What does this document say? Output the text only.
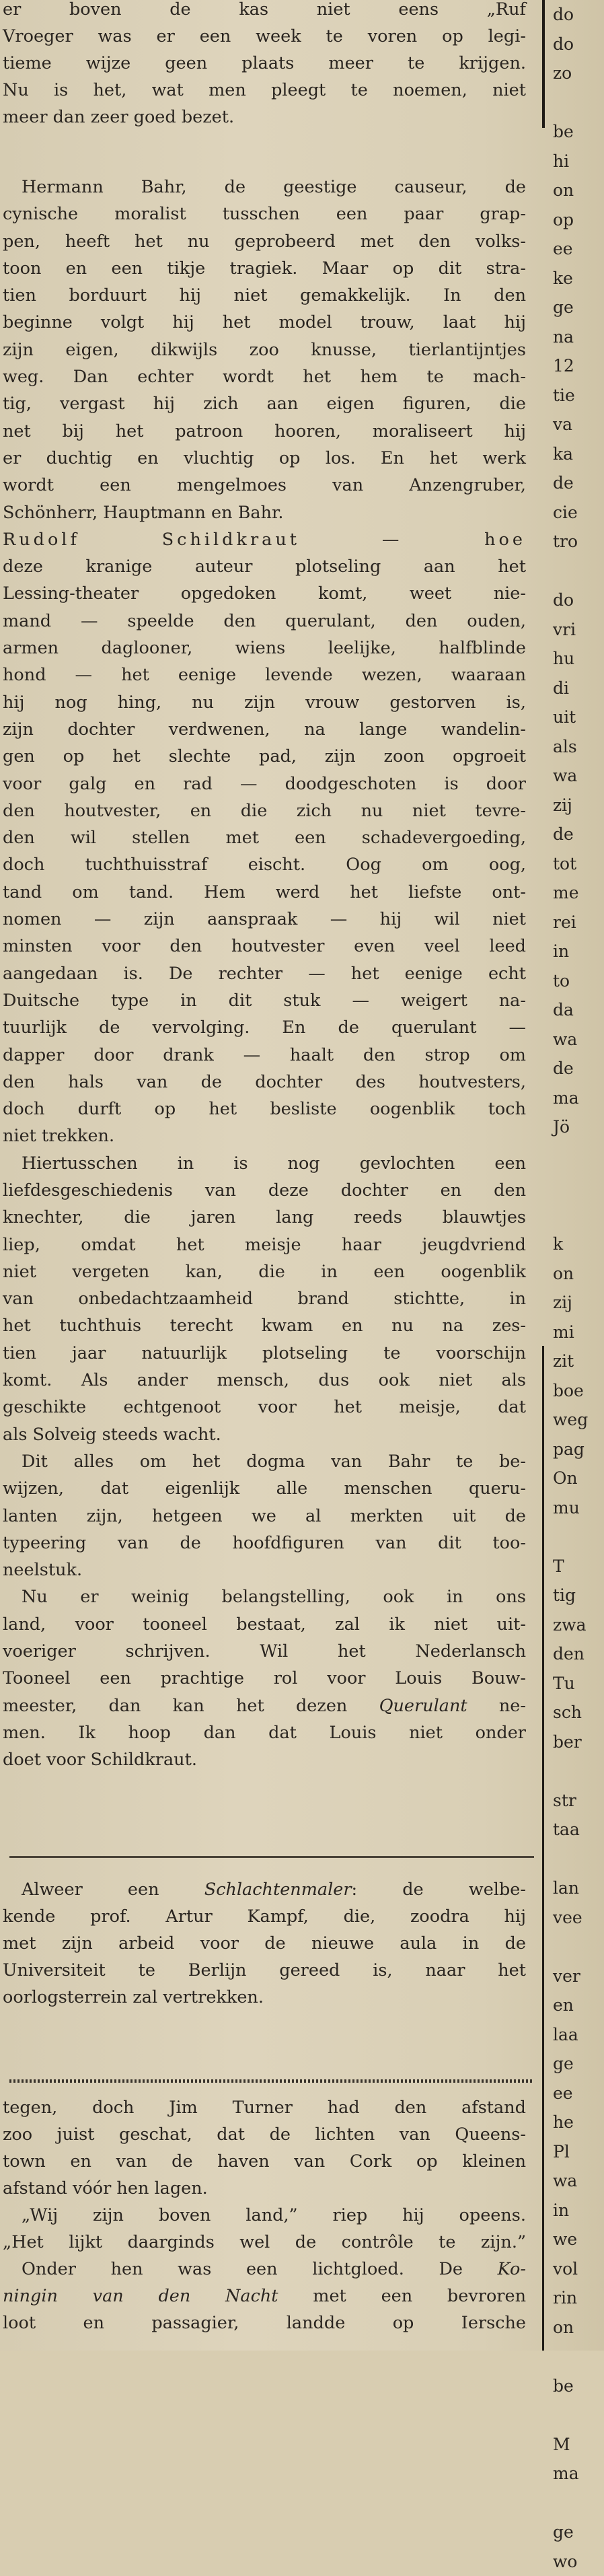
er boven de kas niet eens „Ruf
Vroeger was er een week te voren op legi-
tieme wijze geen plaats meer te krijgen.
Nu is het, wat men pleegt te noemen, niet
meer dan zeer goed bezet.

Hermann Bahr, de geestige causeur, de
cynische moralist tusschen een paar grap-
pen, heeft het nu geprobeerd met den volks-
toon en een tikje tragiek. Maar op dit stra-
tien borduurt hij niet gemakkelijk. In den
beginne volgt hij het model trouw, laat hij
zijn eigen, dikwijls zoo knusse, tierlantijntjes
weg. Dan echter wordt het hem te mach-
tig, vergast hij zich aan eigen figuren, die
net bij het patroon hooren, moraliseert hij
er duchtig en vluchtig op los. En het werk
wordt een mengelmoes van Anzengruber,
Schönherr, Hauptmann en Bahr.
Rudolf Schildkraut — hoe
deze kranige auteur plotseling aan het
Lessing-theater opgedoken komt, weet nie-
mand — speelde den querulant, den ouden,
armen daglooner, wiens leelijke, halfblinde
hond — het eenige levende wezen, waaraan
hij nog hing, nu zijn vrouw gestorven is,
zijn dochter verdwenen, na lange wandelin-
gen op het slechte pad, zijn zoon opgroeit
voor galg en rad — doodgeschoten is door
den houtvester, en die zich nu niet tevre-
den wil stellen met een schadevergoeding,
doch tuchthuisstraf eischt. Oog om oog,
tand om tand. Hem werd het liefste ont-
nomen — zijn aanspraak — hij wil niet
minsten voor den houtvester even veel leed
aangedaan is. De rechter — het eenige echt
Duitsche type in dit stuk — weigert na-
tuurlijk de vervolging. En de querulant —
dapper door drank — haalt den strop om
den hals van de dochter des houtvesters,
doch durft op het besliste oogenblik toch
niet trekken.
Hiertusschen in is nog gevlochten een
liefdesgeschiedenis van deze dochter en den
knechter, die jaren lang reeds blauwtjes
liep, omdat het meisje haar jeugdvriend
niet vergeten kan, die in een oogenblik
van onbedachtzaamheid brand stichtte, in
het tuchthuis terecht kwam en nu na zes-
tien jaar natuurlijk plotseling te voorschijn
komt. Als ander mensch, dus ook niet als
geschikte echtgenoot voor het meisje, dat
als Solveig steeds wacht.
Dit alles om het dogma van Bahr te be-
wijzen, dat eigenlijk alle menschen queru-
lanten zijn, hetgeen we al merkten uit de
typeering van de hoofdfiguren van dit too-
neelstuk.
Nu er weinig belangstelling, ook in ons
land, voor tooneel bestaat, zal ik niet uit-
voeriger schrijven. Wil het Nederlansch
Tooneel een prachtige rol voor Louis Bouw-
meester, dan kan het dezen Querulant ne-
men. Ik hoop dan dat Louis niet onder
doet voor Schildkraut.

Alweer een Schlachtenmaler: de welbe-
kende prof. Artur Kampf, die, zoodra hij
met zijn arbeid voor de nieuwe aula in de
Universiteit te Berlijn gereed is, naar het
oorlogsterrein zal vertrekken.

tegen, doch Jim Turner had den afstand
zoo juist geschat, dat de lichten van Queens-
town en van de haven van Cork op kleinen
afstand vóór hen lagen.
„Wij zijn boven land,” riep hij opeens.
„Het lijkt daarginds wel de contrôle te zijn.”
Onder hen was een lichtgloed. De Ko-
ningin van den Nacht met een bevroren
loot en passagier, landde op Iersche

do
do
zo

be
hi
on
op
ee
ke
ge
na
12
tie
va
ka
de
cie
tro

do
vri
hu
di
uit
als
wa
zij
de
tot
me
rei
in
to
da
wa
de
ma
Jö

k
on
zij
mi
zit
boe
weg
pag
On
mu

T
tig
zwa
den
Tu
sch
ber

str
taa

lan
vee

ver
en
laa
ge
ee
he
Pl
wa
in
we
vol
rin
on

be

M
ma

ge
wo
